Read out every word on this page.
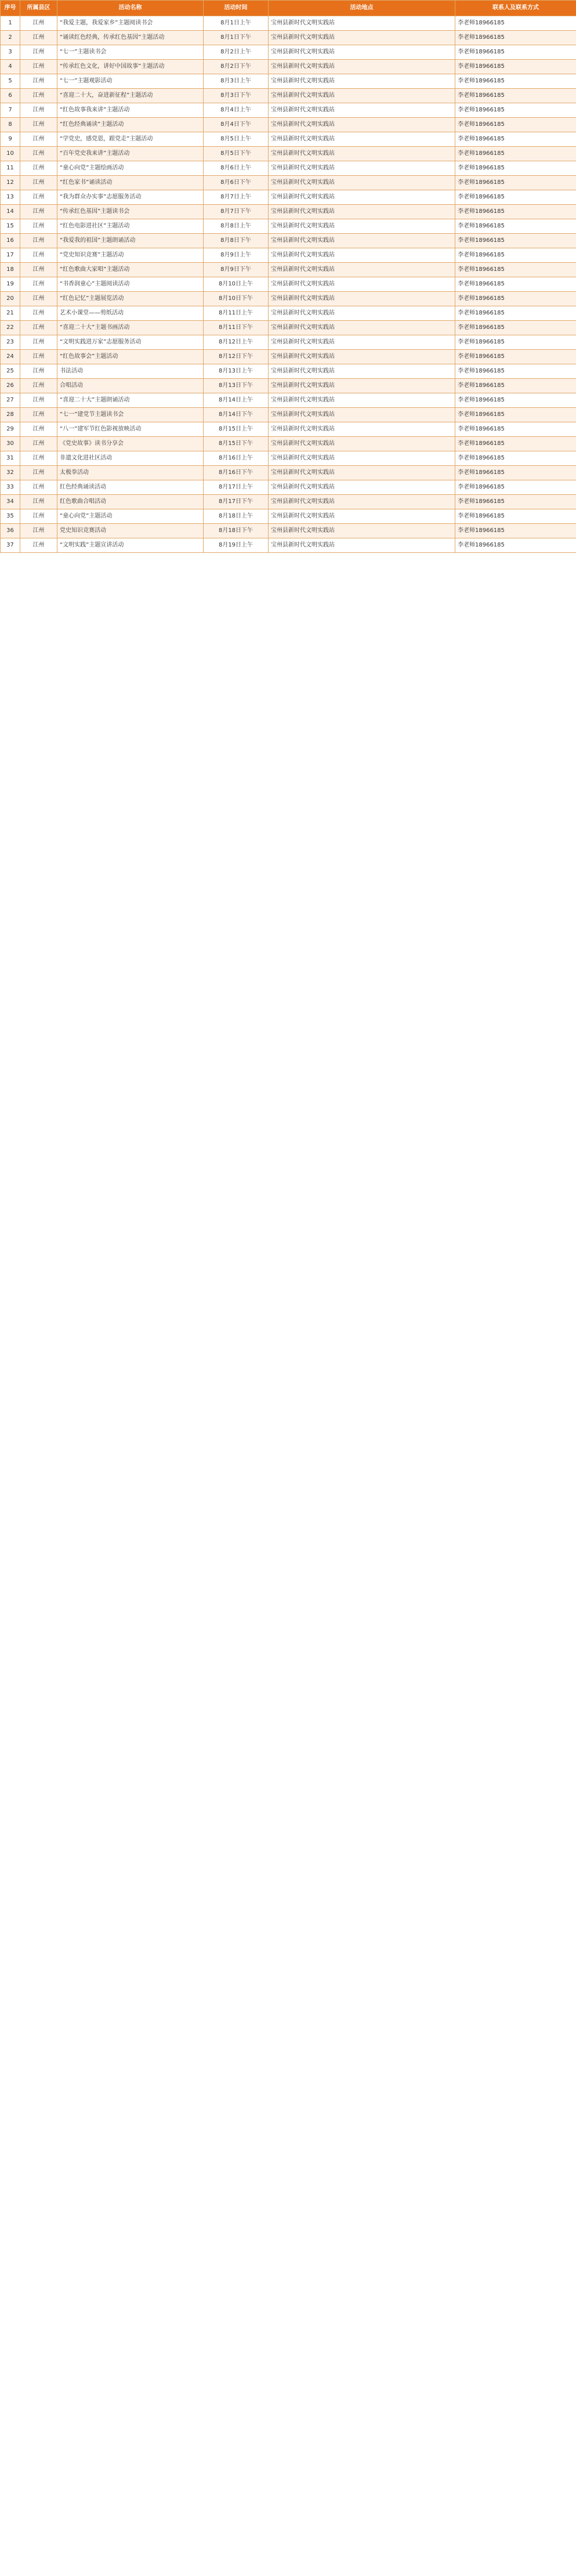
序号	所属县区	活动名称	活动时间	活动地点	联系人及联系方式
1	江州	“我爱主题，我爱家乡”主题阅读书会	8月1日上午	宝州县新时代文明实践站	李老师18966185
2	江州	“诵读红色经典，传承红色基因”主题活动	8月1日下午	宝州县新时代文明实践站	李老师18966185
3	江州	“七一”主题读书会	8月2日上午	宝州县新时代文明实践站	李老师18966185
4	江州	“传承红色文化，讲好中国故事”主题活动	8月2日下午	宝州县新时代文明实践站	李老师18966185
5	江州	“七一”主题观影活动	8月3日上午	宝州县新时代文明实践站	李老师18966185
6	江州	“喜迎二十大，奋进新征程”主题活动	8月3日下午	宝州县新时代文明实践站	李老师18966185
7	江州	“红色故事我来讲”主题活动	8月4日上午	宝州县新时代文明实践站	李老师18966185
8	江州	“红色经典诵读”主题活动	8月4日下午	宝州县新时代文明实践站	李老师18966185
9	江州	“学党史，感党恩，跟党走”主题活动	8月5日上午	宝州县新时代文明实践站	李老师18966185
10	江州	“百年党史我来讲”主题活动	8月5日下午	宝州县新时代文明实践站	李老师18966185
11	江州	“童心向党”主题绘画活动	8月6日上午	宝州县新时代文明实践站	李老师18966185
12	江州	“红色家书”诵读活动	8月6日下午	宝州县新时代文明实践站	李老师18966185
13	江州	“我为群众办实事”志愿服务活动	8月7日上午	宝州县新时代文明实践站	李老师18966185
14	江州	“传承红色基因”主题读书会	8月7日下午	宝州县新时代文明实践站	李老师18966185
15	江州	“红色电影进社区”主题活动	8月8日上午	宝州县新时代文明实践站	李老师18966185
16	江州	“我爱我的祖国”主题朗诵活动	8月8日下午	宝州县新时代文明实践站	李老师18966185
17	江州	“党史知识竞赛”主题活动	8月9日上午	宝州县新时代文明实践站	李老师18966185
18	江州	“红色歌曲大家唱”主题活动	8月9日下午	宝州县新时代文明实践站	李老师18966185
19	江州	“书香润童心”主题阅读活动	8月10日上午	宝州县新时代文明实践站	李老师18966185
20	江州	“红色记忆”主题展览活动	8月10日下午	宝州县新时代文明实践站	李老师18966185
21	江州	艺术小课堂——剪纸活动	8月11日上午	宝州县新时代文明实践站	李老师18966185
22	江州	“喜迎二十大”主题书画活动	8月11日下午	宝州县新时代文明实践站	李老师18966185
23	江州	“文明实践进万家”志愿服务活动	8月12日上午	宝州县新时代文明实践站	李老师18966185
24	江州	“红色故事会”主题活动	8月12日下午	宝州县新时代文明实践站	李老师18966185
25	江州	书法活动	8月13日上午	宝州县新时代文明实践站	李老师18966185
26	江州	合唱活动	8月13日下午	宝州县新时代文明实践站	李老师18966185
27	江州	“喜迎二十大”主题朗诵活动	8月14日上午	宝州县新时代文明实践站	李老师18966185
28	江州	“七一”建党节主题读书会	8月14日下午	宝州县新时代文明实践站	李老师18966185
29	江州	“八一”建军节红色影视放映活动	8月15日上午	宝州县新时代文明实践站	李老师18966185
30	江州	《党史故事》读书分享会	8月15日下午	宝州县新时代文明实践站	李老师18966185
31	江州	非遗文化进社区活动	8月16日上午	宝州县新时代文明实践站	李老师18966185
32	江州	太极拳活动	8月16日下午	宝州县新时代文明实践站	李老师18966185
33	江州	红色经典诵读活动	8月17日上午	宝州县新时代文明实践站	李老师18966185
34	江州	红色歌曲合唱活动	8月17日下午	宝州县新时代文明实践站	李老师18966185
35	江州	“童心向党”主题活动	8月18日上午	宝州县新时代文明实践站	李老师18966185
36	江州	党史知识竞赛活动	8月18日下午	宝州县新时代文明实践站	李老师18966185
37	江州	“文明实践”主题宣讲活动	8月19日上午	宝州县新时代文明实践站	李老师18966185
